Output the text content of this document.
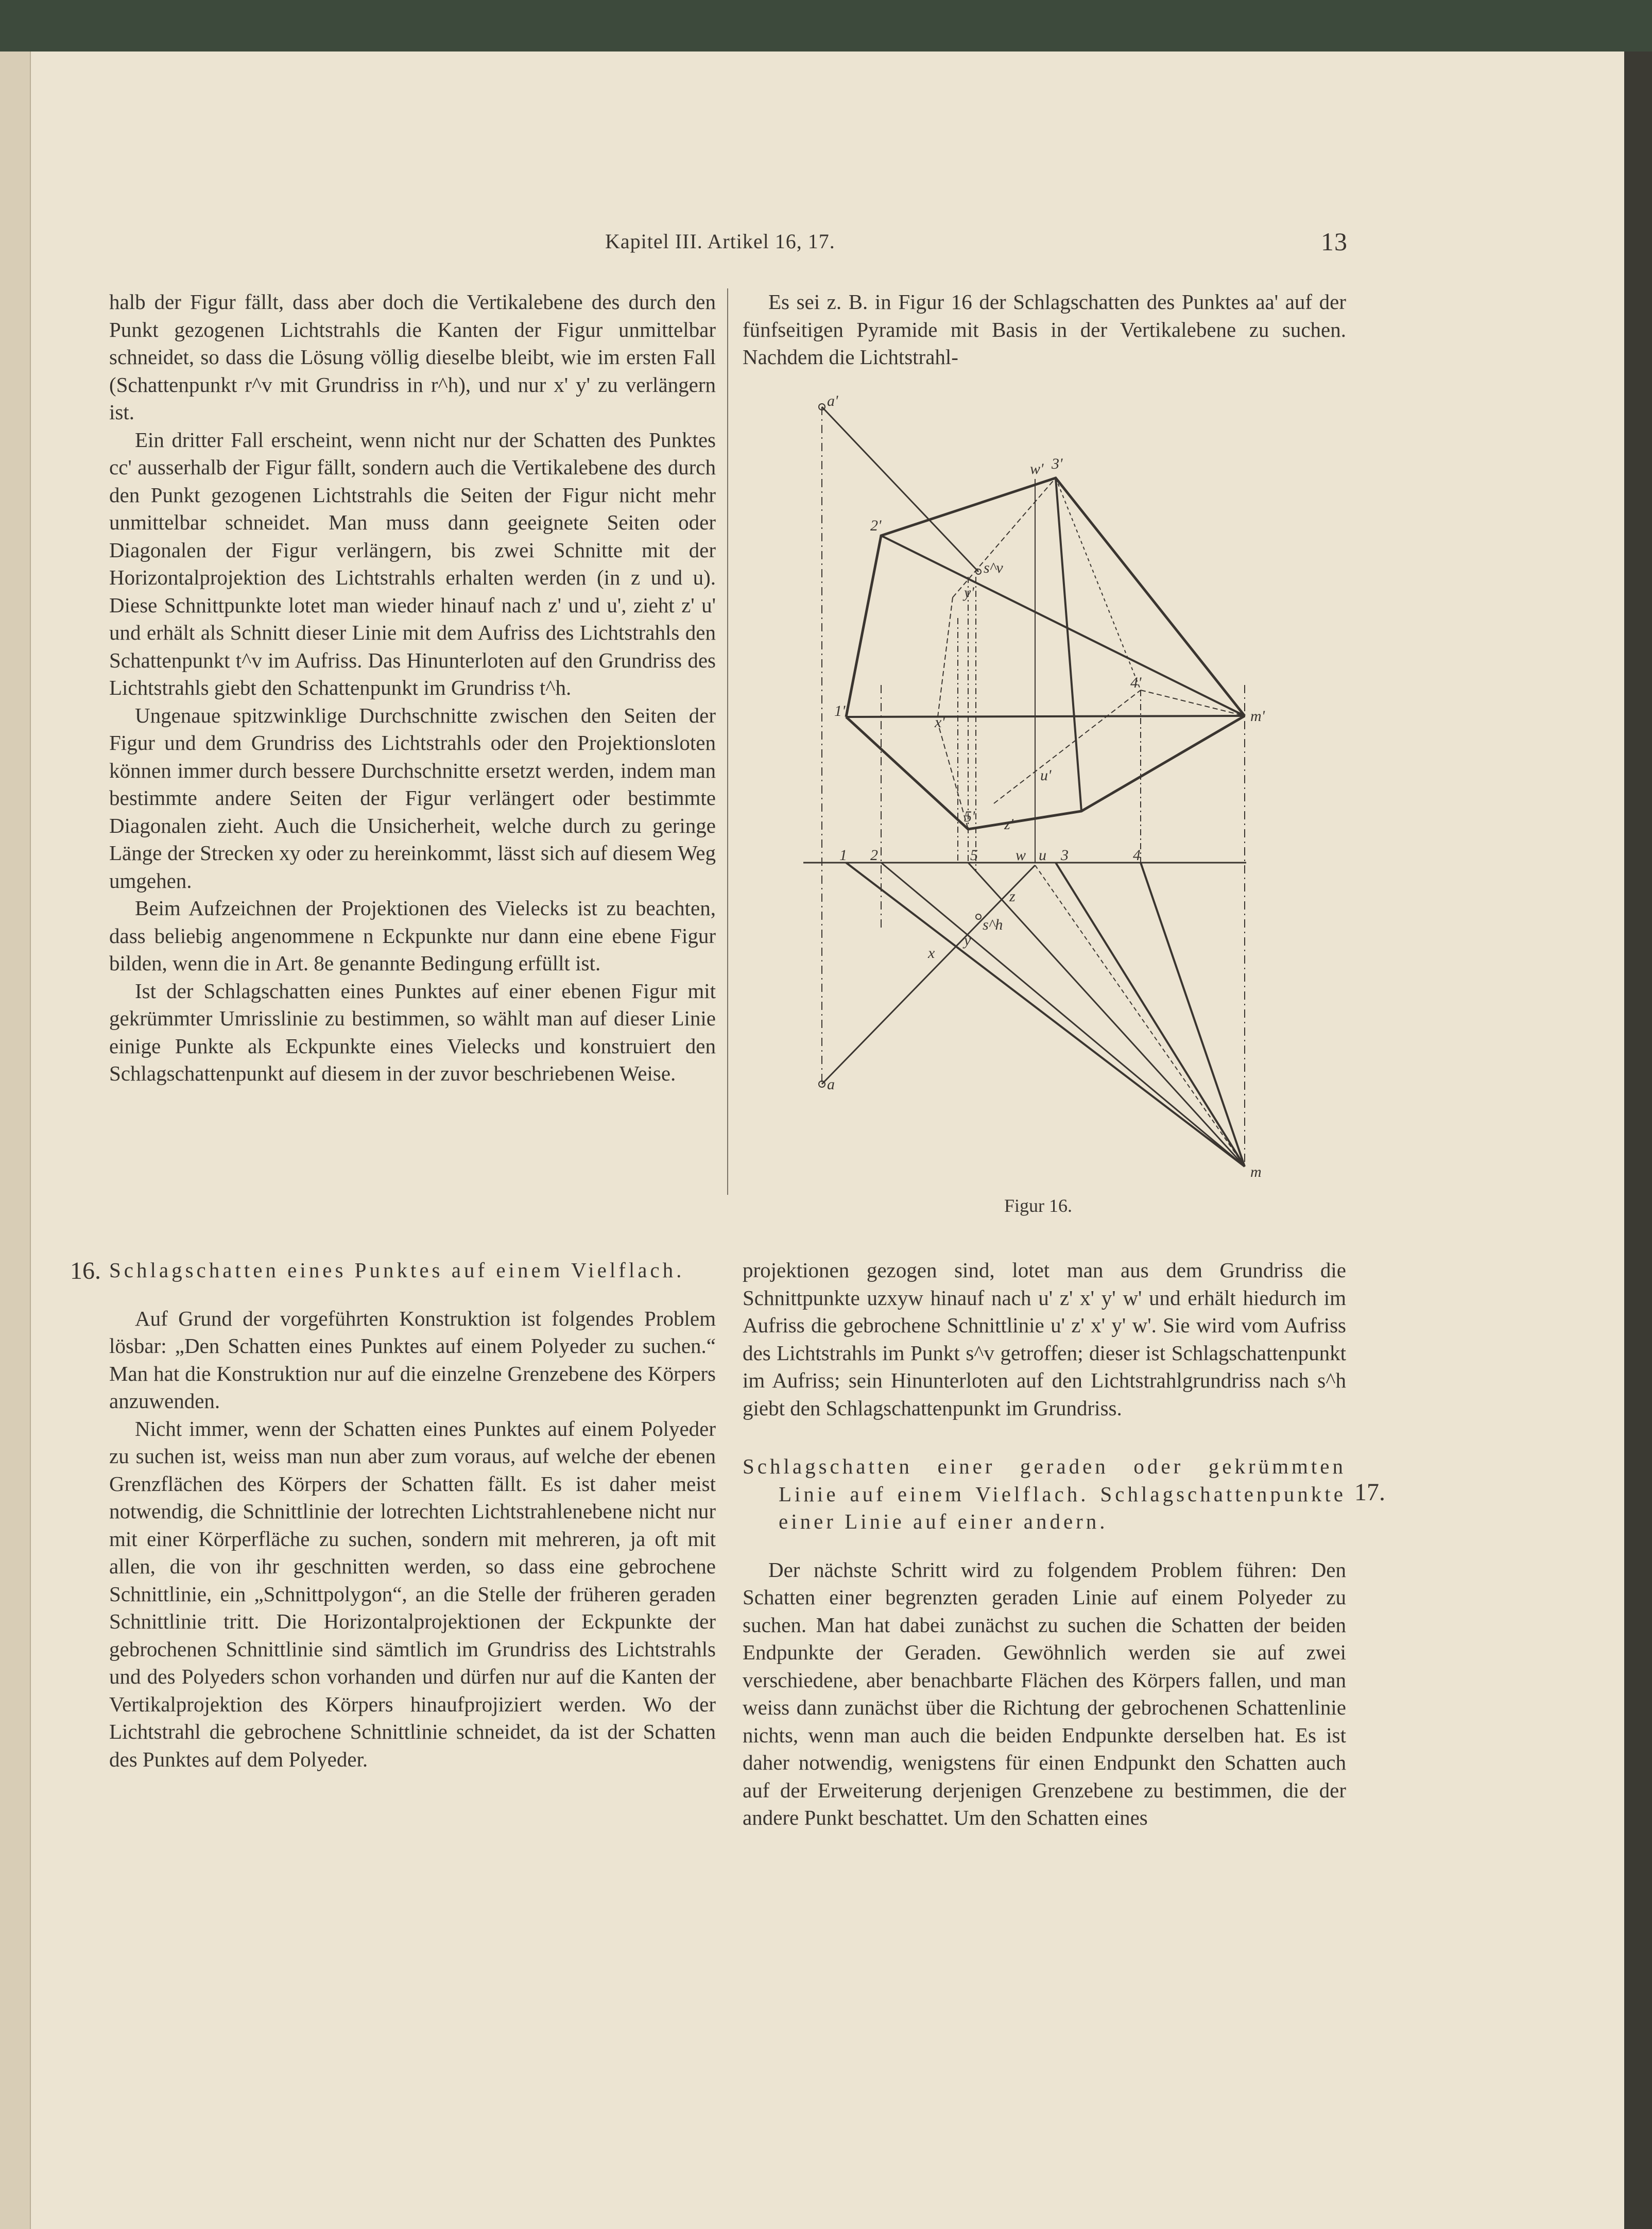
Kapitel III. Artikel 16, 17.	13

halb der Figur fällt, dass aber doch die Vertikalebene des durch den Punkt gezogenen Lichtstrahls die Kanten der Figur unmittelbar schneidet, so dass die Lösung völlig dieselbe bleibt, wie im ersten Fall (Schattenpunkt r^v mit Grundriss in r^h), und nur x' y' zu verlängern ist.

Ein dritter Fall erscheint, wenn nicht nur der Schatten des Punktes cc' ausserhalb der Figur fällt, sondern auch die Vertikalebene des durch den Punkt gezogenen Lichtstrahls die Seiten der Figur nicht mehr unmittelbar schneidet. Man muss dann geeignete Seiten oder Diagonalen der Figur verlängern, bis zwei Schnitte mit der Horizontalprojektion des Lichtstrahls erhalten werden (in z und u). Diese Schnittpunkte lotet man wieder hinauf nach z' und u', zieht z' u' und erhält als Schnitt dieser Linie mit dem Aufriss des Lichtstrahls den Schattenpunkt t^v im Aufriss. Das Hinunterloten auf den Grundriss des Lichtstrahls giebt den Schattenpunkt im Grundriss t^h.

Ungenaue spitzwinklige Durchschnitte zwischen den Seiten der Figur und dem Grundriss des Lichtstrahls oder den Projektionsloten können immer durch bessere Durchschnitte ersetzt werden, indem man bestimmte andere Seiten der Figur verlängert oder bestimmte Diagonalen zieht. Auch die Unsicherheit, welche durch zu geringe Länge der Strecken xy oder zu hereinkommt, lässt sich auf diesem Weg umgehen.

Beim Aufzeichnen der Projektionen des Vielecks ist zu beachten, dass beliebig angenommene n Eckpunkte nur dann eine ebene Figur bilden, wenn die in Art. 8e genannte Bedingung erfüllt ist.

Ist der Schlagschatten eines Punktes auf einer ebenen Figur mit gekrümmter Umrisslinie zu bestimmen, so wählt man auf dieser Linie einige Punkte als Eckpunkte eines Vielecks und konstruiert den Schlagschattenpunkt auf diesem in der zuvor beschriebenen Weise.

Es sei z. B. in Figur 16 der Schlagschatten des Punktes aa' auf der fünfseitigen Pyramide mit Basis in der Vertikalebene zu suchen. Nachdem die Lichtstrahl-

a'
a
w' 3'
2'
s^v
y'
4'
1'
x'	m'
u'
5' z'
1 2	5 w u 3	4
z
x
y
s^h
m
Figur 16.
16. Schlagschatten eines Punktes auf einem Vielflach.

Auf Grund der vorgeführten Konstruktion ist folgendes Problem lösbar: „Den Schatten eines Punktes auf einem Polyeder zu suchen.“ Man hat die Konstruktion nur auf die einzelne Grenzebene des Körpers anzuwenden.

Nicht immer, wenn der Schatten eines Punktes auf einem Polyeder zu suchen ist, weiss man nun aber zum voraus, auf welche der ebenen Grenzflächen des Körpers der Schatten fällt. Es ist daher meist notwendig, die Schnittlinie der lotrechten Lichtstrahlenebene nicht nur mit einer Körperfläche zu suchen, sondern mit mehreren, ja oft mit allen, die von ihr geschnitten werden, so dass eine gebrochene Schnittlinie, ein „Schnittpolygon“, an die Stelle der früheren geraden Schnittlinie tritt. Die Horizontalprojektionen der Eckpunkte der gebrochenen Schnittlinie sind sämtlich im Grundriss des Lichtstrahls und des Polyeders schon vorhanden und dürfen nur auf die Kanten der Vertikalprojektion des Körpers hinaufprojiziert werden. Wo der Lichtstrahl die gebrochene Schnittlinie schneidet, da ist der Schatten des Punktes auf dem Polyeder.

projektionen gezogen sind, lotet man aus dem Grundriss die Schnittpunkte uzxyw hinauf nach u' z' x' y' w' und erhält hiedurch im Aufriss die gebrochene Schnittlinie u' z' x' y' w'. Sie wird vom Aufriss des Lichtstrahls im Punkt s^v getroffen; dieser ist Schlagschattenpunkt im Aufriss; sein Hinunterloten auf den Lichtstrahlgrundriss nach s^h giebt den Schlagschattenpunkt im Grundriss.

Schlagschatten einer geraden oder gekrümmten Linie auf einem Vielflach. Schlagschattenpunkte einer Linie auf einer andern.

Der nächste Schritt wird zu folgendem Problem führen: Den Schatten einer begrenzten geraden Linie auf einem Polyeder zu suchen. Man hat dabei zunächst zu suchen die Schatten der beiden Endpunkte der Geraden. Gewöhnlich werden sie auf zwei verschiedene, aber benachbarte Flächen des Körpers fallen, und man weiss dann zunächst über die Richtung der gebrochenen Schattenlinie nichts, wenn man auch die beiden Endpunkte derselben hat. Es ist daher notwendig, wenigstens für einen Endpunkt den Schatten auch auf der Erweiterung derjenigen Grenzebene zu bestimmen, die der andere Punkt beschattet. Um den Schatten eines

17.
